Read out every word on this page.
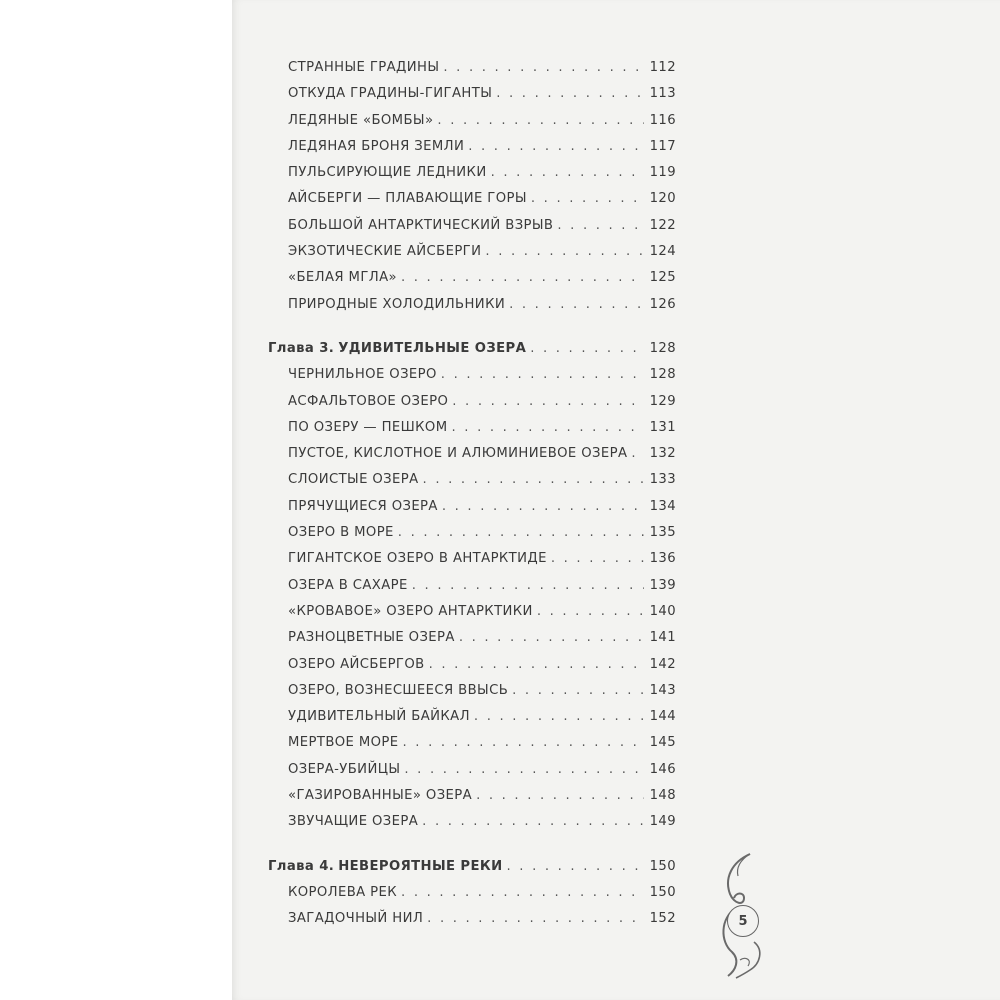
СТРАННЫЕ ГРАДИНЫ . . .	112
ОТКУДА ГРАДИНЫ-ГИГАНТЫ . . .	113
ЛЕДЯНЫЕ «БОМБЫ» . . .	116
ЛЕДЯНАЯ БРОНЯ ЗЕМЛИ . . .	117
ПУЛЬСИРУЮЩИЕ ЛЕДНИКИ . . .	119
АЙСБЕРГИ — ПЛАВАЮЩИЕ ГОРЫ . . .	120
БОЛЬШОЙ АНТАРКТИЧЕСКИЙ ВЗРЫВ . . .	122
ЭКЗОТИЧЕСКИЕ АЙСБЕРГИ . . .	124
«БЕЛАЯ МГЛА» . . .	125
ПРИРОДНЫЕ ХОЛОДИЛЬНИКИ . . .	126
Глава 3. УДИВИТЕЛЬНЫЕ ОЗЕРА . . .	128
ЧЕРНИЛЬНОЕ ОЗЕРО . . .	128
АСФАЛЬТОВОЕ ОЗЕРО . . .	129
ПО ОЗЕРУ — ПЕШКОМ . . .	131
ПУСТОЕ, КИСЛОТНОЕ И АЛЮМИНИЕВОЕ ОЗЕРА . . . 132
СЛОИСТЫЕ ОЗЕРА . . .	133
ПРЯЧУЩИЕСЯ ОЗЕРА . . .	134
ОЗЕРО В МОРЕ . . .	135
ГИГАНТСКОЕ ОЗЕРО В АНТАРКТИДЕ . . .	136
ОЗЕРА В САХАРЕ . . .	139
«КРОВАВОЕ» ОЗЕРО АНТАРКТИКИ . . .	140
РАЗНОЦВЕТНЫЕ ОЗЕРА . . .	141
ОЗЕРО АЙСБЕРГОВ . . .	142
ОЗЕРО, ВОЗНЕСШЕЕСЯ ВВЫСЬ . . .	143
УДИВИТЕЛЬНЫЙ БАЙКАЛ . . .	144
МЕРТВОЕ МОРЕ . . .	145
ОЗЕРА-УБИЙЦЫ . . .	146
«ГАЗИРОВАННЫЕ» ОЗЕРА . . .	148
ЗВУЧАЩИЕ ОЗЕРА . . .	149
Глава 4. НЕВЕРОЯТНЫЕ РЕКИ . . .	150
КОРОЛЕВА РЕК . . .	150
ЗАГАДОЧНЫЙ НИЛ . . .	152	5
